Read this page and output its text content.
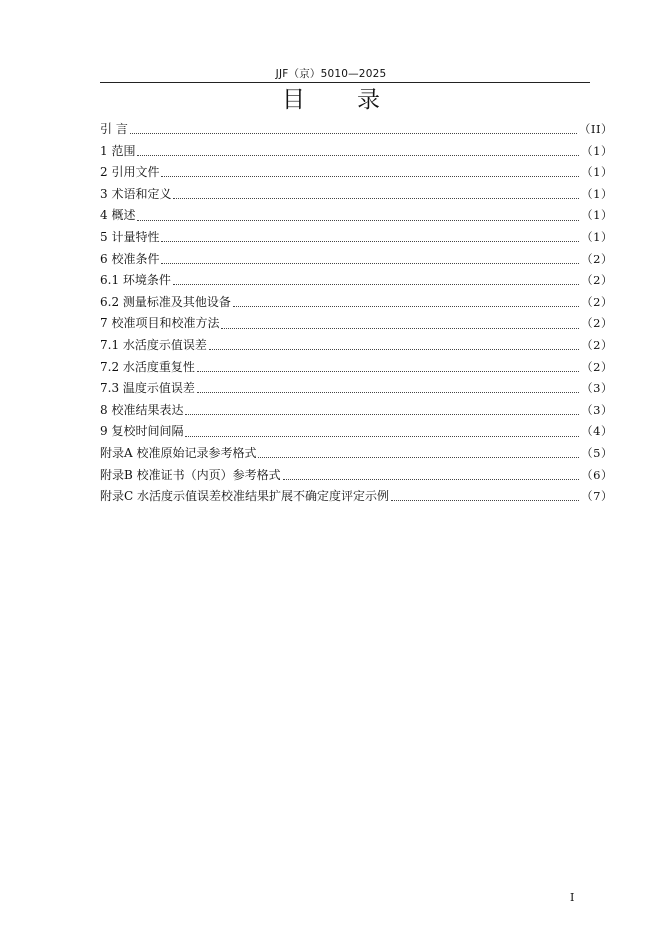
JJF（京）5010—2025
目 录
引 言	（II）
1 范围	（1）
2 引用文件	（1）
3 术语和定义	（1）
4 概述	（1）
5 计量特性	（1）
6 校准条件	（2）
6.1 环境条件	（2）
6.2 测量标准及其他设备	（2）
7 校准项目和校准方法	（2）
7.1 水活度示值误差	（2）
7.2 水活度重复性	（2）
7.3 温度示值误差	（3）
8 校准结果表达	（3）
9 复校时间间隔	（4）
附录A 校准原始记录参考格式	（5）
附录B 校准证书（内页）参考格式	（6）
附录C 水活度示值误差校准结果扩展不确定度评定示例	（7）
I
